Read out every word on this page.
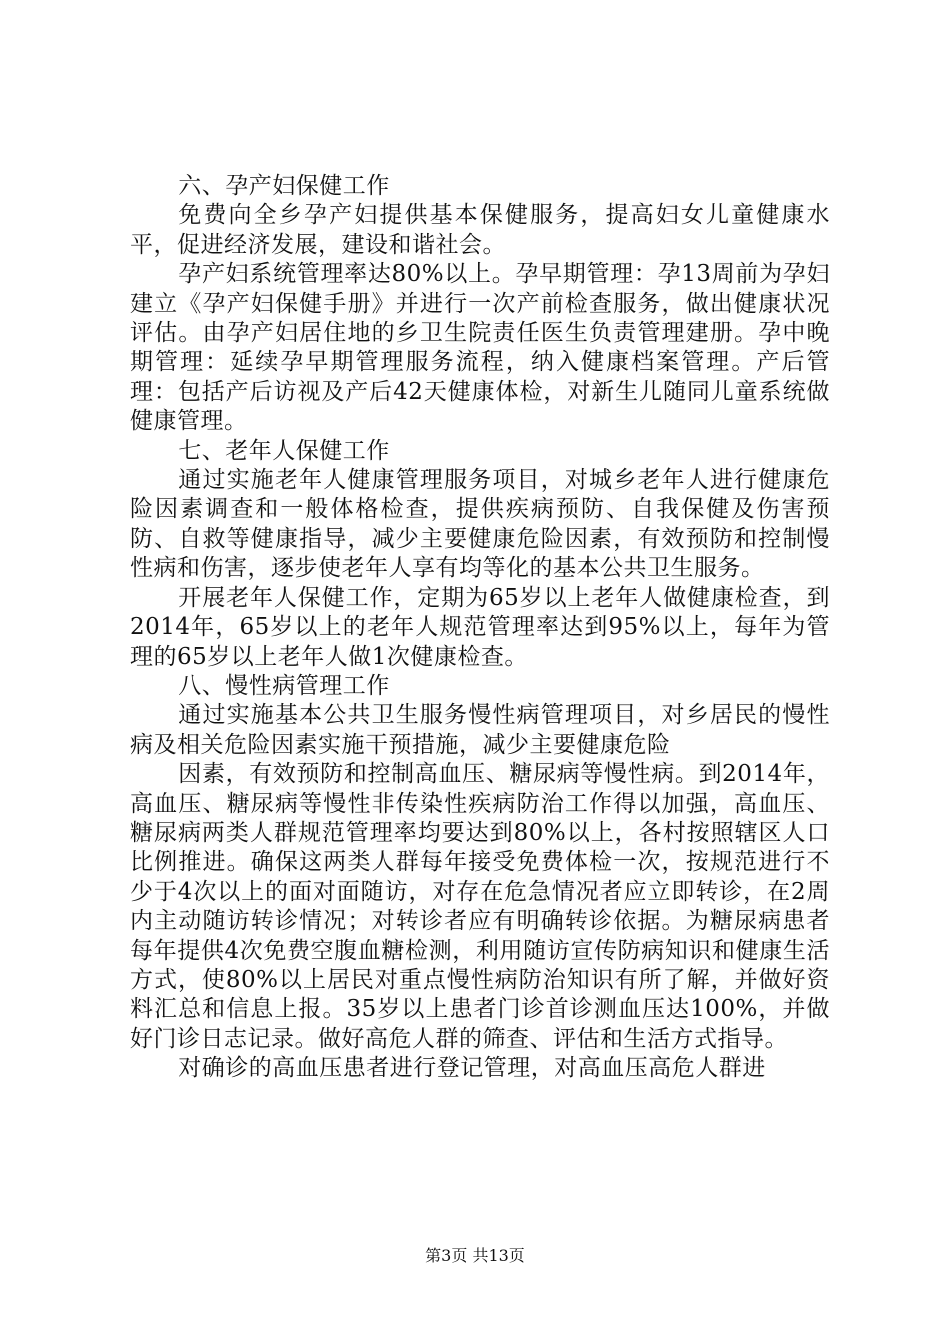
六、孕产妇保健工作

免费向全乡孕产妇提供基本保健服务，提高妇女儿童健康水平，促进经济发展，建设和谐社会。

孕产妇系统管理率达80%以上。孕早期管理：孕13周前为孕妇建立《孕产妇保健手册》并进行一次产前检查服务，做出健康状况评估。由孕产妇居住地的乡卫生院责任医生负责管理建册。孕中晚期管理：延续孕早期管理服务流程，纳入健康档案管理。产后管理：包括产后访视及产后42天健康体检，对新生儿随同儿童系统做健康管理。

七、老年人保健工作

通过实施老年人健康管理服务项目，对城乡老年人进行健康危险因素调查和一般体格检查，提供疾病预防、自我保健及伤害预防、自救等健康指导，减少主要健康危险因素，有效预防和控制慢性病和伤害，逐步使老年人享有均等化的基本公共卫生服务。

开展老年人保健工作，定期为65岁以上老年人做健康检查，到2014年，65岁以上的老年人规范管理率达到95%以上，每年为管理的65岁以上老年人做1次健康检查。

八、慢性病管理工作

通过实施基本公共卫生服务慢性病管理项目，对乡居民的慢性病及相关危险因素实施干预措施，减少主要健康危险

因素，有效预防和控制高血压、糖尿病等慢性病。到2014年，高血压、糖尿病等慢性非传染性疾病防治工作得以加强，高血压、糖尿病两类人群规范管理率均要达到80%以上，各村按照辖区人口比例推进。确保这两类人群每年接受免费体检一次，按规范进行不少于4次以上的面对面随访，对存在危急情况者应立即转诊，在2周内主动随访转诊情况；对转诊者应有明确转诊依据。为糖尿病患者每年提供4次免费空腹血糖检测，利用随访宣传防病知识和健康生活方式，使80%以上居民对重点慢性病防治知识有所了解，并做好资料汇总和信息上报。35岁以上患者门诊首诊测血压达100%，并做好门诊日志记录。做好高危人群的筛查、评估和生活方式指导。

对确诊的高血压患者进行登记管理，对高血压高危人群进

第3页 共13页
